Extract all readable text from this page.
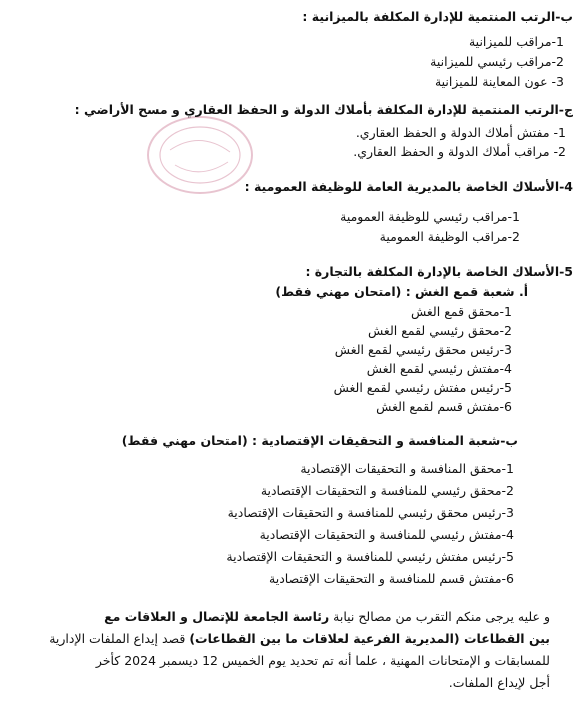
ب-الرتب المنتمية للإدارة المكلفة بالميزانية :
1-مراقب للميزانية
2-مراقب رئيسي للميزانية
3- عون المعاينة للميزانية
ج-الرتب المنتمية للإدارة المكلفة بأملاك الدولة و الحفظ العقاري و مسح الأراضي :
1- مفتش أملاك الدولة و الحفظ العقاري.
2- مراقب أملاك الدولة و الحفظ العقاري.
4-الأسلاك الخاصة بالمديرية العامة للوظيفة العمومية :
1-مراقب رئيسي للوظيفة العمومية
2-مراقب الوظيفة العمومية
5-الأسلاك الخاصة بالإدارة المكلفة بالتجارة :
أ. شعبة قمع الغش : (امتحان مهني فقط)
1-محقق قمع الغش
2-محقق رئيسي لقمع الغش
3-رئيس محقق رئيسي لقمع الغش
4-مفتش رئيسي لقمع الغش
5-رئيس مفتش رئيسي لقمع الغش
6-مفتش قسم لقمع الغش
ب-شعبة المنافسة و التحقيقات الإقتصادية : (امتحان مهني فقط)
1-محقق المنافسة و التحقيقات الإقتصادية
2-محقق رئيسي للمنافسة و التحقيقات الإقتصادية
3-رئيس محقق رئيسي للمنافسة و التحقيقات الإقتصادية
4-مفتش رئيسي للمنافسة و التحقيقات الإقتصادية
5-رئيس مفتش رئيسي للمنافسة و التحقيقات الإقتصادية
6-مفتش قسم للمنافسة و التحقيقات الإقتصادية
و عليه يرجى منكم التقرب من مصالح نيابة رئاسة الجامعة للإتصال و العلاقات مع
بين القطاعات (المديرية الفرعية لعلاقات ما بين القطاعات) قصد إيداع الملفات الإدارية
للمسابقات و الإمتحانات المهنية ، علما أنه تم تحديد يوم الخميس 12 ديسمبر 2024 كأخر
أجل لإيداع الملفات.
